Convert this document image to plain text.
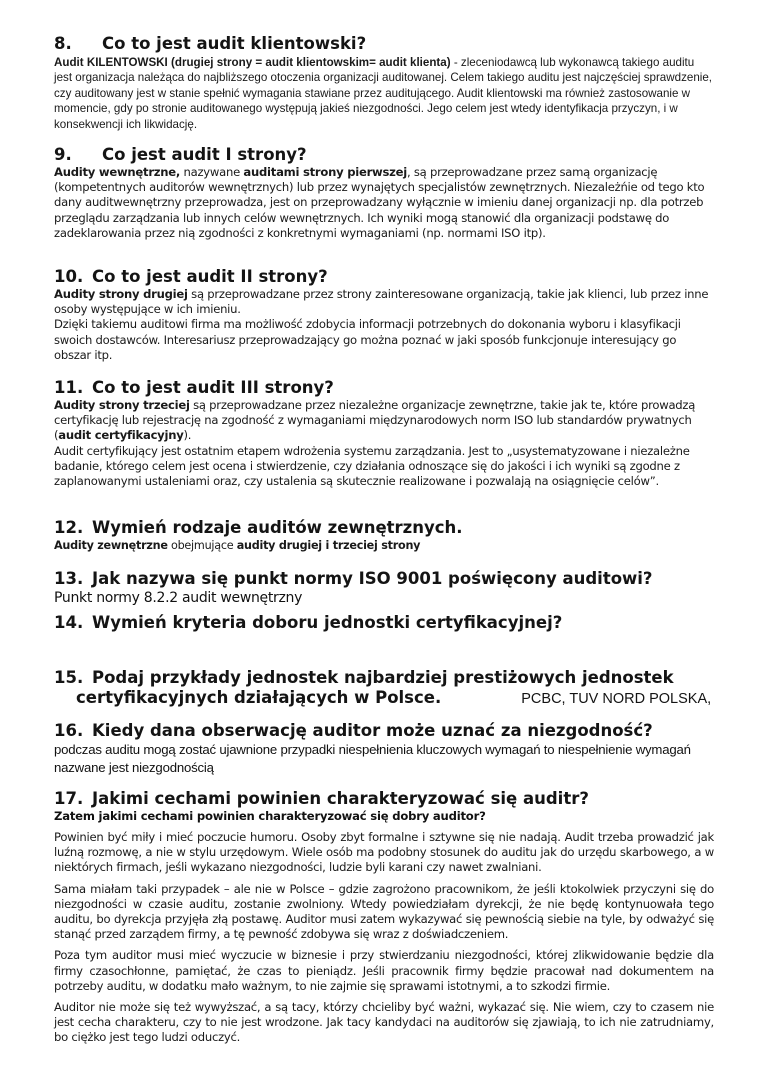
8. Co to jest audit klientowski?

Audit KILENTOWSKI (drugiej strony = audit klientowskim= audit klienta) - zleceniodawcą lub wykonawcą takiego auditu jest organizacja należąca do najbliższego otoczenia organizacji auditowanej. Celem takiego auditu jest najczęściej sprawdzenie, czy auditowany jest w stanie spełnić wymagania stawiane przez auditującego. Audit klientowski ma również zastosowanie w momencie, gdy po stronie auditowanego występują jakieś niezgodności. Jego celem jest wtedy identyfikacja przyczyn, i w konsekwencji ich likwidację.

9. Co jest audit I strony?

Audity wewnętrzne, nazywane auditami strony pierwszej, są przeprowadzane przez samą organizację (kompetentnych auditorów wewnętrznych) lub przez wynajętych specjalistów zewnętrznych. Niezależńie od tego kto dany auditwewnętrzny przeprowadza, jest on przeprowadzany wyłącznie w imieniu danej organizacji np. dla potrzeb przeglądu zarządzania lub innych celów wewnętrznych. Ich wyniki mogą stanowić dla organizacji podstawę do zadeklarowania przez nią zgodności z konkretnymi wymaganiami (np. normami ISO itp).

10. Co to jest audit II strony?

Audity strony drugiej są przeprowadzane przez strony zainteresowane organizacją, takie jak klienci, lub przez inne osoby występujące w ich imieniu.

Dzięki takiemu auditowi firma ma możliwość zdobycia informacji potrzebnych do dokonania wyboru i klasyfikacji swoich dostawców. Interesariusz przeprowadzający go można poznać w jaki sposób funkcjonuje interesujący go obszar itp.

11. Co to jest audit III strony?

Audity strony trzeciej są przeprowadzane przez niezależne organizacje zewnętrzne, takie jak te, które prowadzą certyfikację lub rejestrację na zgodność z wymaganiami międzynarodowych norm ISO lub standardów prywatnych (audit certyfikacyjny).

Audit certyfikujący jest ostatnim etapem wdrożenia systemu zarządzania. Jest to „usystematyzowane i niezależne badanie, którego celem jest ocena i stwierdzenie, czy działania odnoszące się do jakości i ich wyniki są zgodne z zaplanowanymi ustaleniami oraz, czy ustalenia są skutecznie realizowane i pozwalają na osiągnięcie celów”.

12. Wymień rodzaje auditów zewnętrznych.

Audity zewnętrzne obejmujące audity drugiej i trzeciej strony

13. Jak nazywa się punkt normy ISO 9001 poświęcony auditowi?

Punkt normy 8.2.2 audit wewnętrzny

14. Wymień kryteria doboru jednostki certyfikacyjnej?
15. Podaj przykłady jednostek najbardziej prestiżowych jednostek
certyfikacyjnych działających w Polsce.	PCBC, TUV NORD POLSKA,
16. Kiedy dana obserwację auditor może uznać za niezgodność?

podczas auditu mogą zostać ujawnione przypadki niespełnienia kluczowych wymagań to niespełnienie wymagań nazwane jest niezgodnością

17. Jakimi cechami powinien charakteryzować się auditr?

Zatem jakimi cechami powinien charakteryzować się dobry auditor?

Powinien być miły i mieć poczucie humoru. Osoby zbyt formalne i sztywne się nie nadają. Audit trzeba prowadzić jak luźną rozmowę, a nie w stylu urzędowym. Wiele osób ma podobny stosunek do auditu jak do urzędu skarbowego, a w niektórych firmach, jeśli wykazano niezgodności, ludzie byli karani czy nawet zwalniani.

Sama miałam taki przypadek – ale nie w Polsce – gdzie zagrożono pracownikom, że jeśli ktokolwiek przyczyni się do niezgodności w czasie auditu, zostanie zwolniony. Wtedy powiedziałam dyrekcji, że nie będę kontynuowała tego auditu, bo dyrekcja przyjęła złą postawę. Auditor musi zatem wykazywać się pewnością siebie na tyle, by odważyć się stanąć przed zarządem firmy, a tę pewność zdobywa się wraz z doświadczeniem.

Poza tym auditor musi mieć wyczucie w biznesie i przy stwierdzaniu niezgodności, której zlikwidowanie będzie dla firmy czasochłonne, pamiętać, że czas to pieniądz. Jeśli pracownik firmy będzie pracował nad dokumentem na potrzeby auditu, w dodatku mało ważnym, to nie zajmie się sprawami istotnymi, a to szkodzi firmie.

Auditor nie może się też wywyższać, a są tacy, którzy chcieliby być ważni, wykazać się. Nie wiem, czy to czasem nie jest cecha charakteru, czy to nie jest wrodzone. Jak tacy kandydaci na auditorów się zjawiają, to ich nie zatrudniamy, bo ciężko jest tego ludzi oduczyć.
